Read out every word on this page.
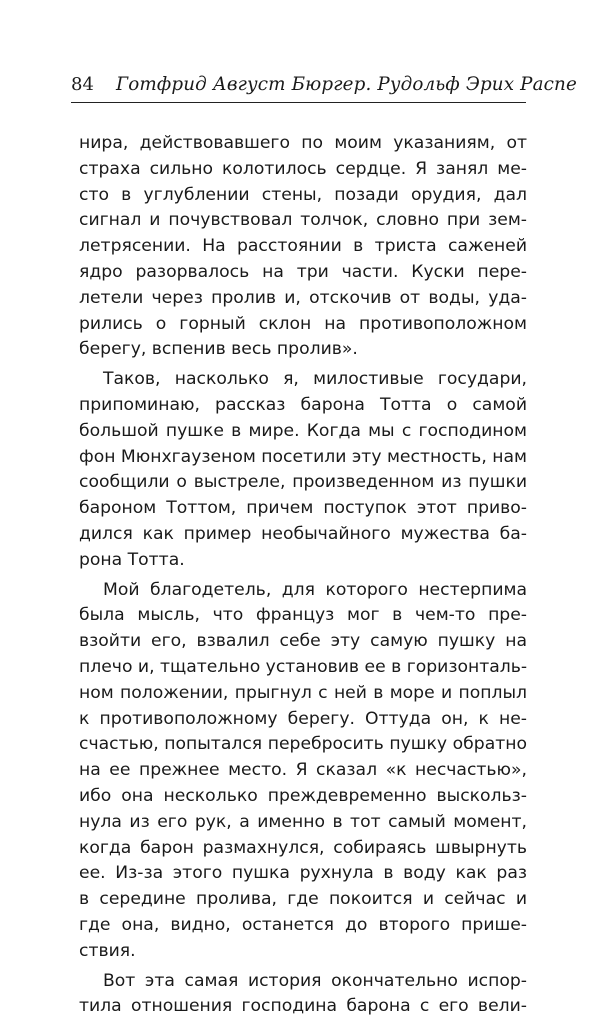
84 Готфрид Август Бюргер. Рудольф Эрих Распе
нира, действовавшего по моим указаниям, от
страха сильно колотилось сердце. Я занял ме-
сто в углублении стены, позади орудия, дал
сигнал и почувствовал толчок, словно при зем-
летрясении. На расстоянии в триста саженей
ядро разорвалось на три части. Куски пере-
летели через пролив и, отскочив от воды, уда-
рились о горный склон на противоположном
берегу, вспенив весь пролив».
Таков, насколько я, милостивые государи,
припоминаю, рассказ барона Тотта о самой
большой пушке в мире. Когда мы с господином
фон Мюнхгаузеном посетили эту местность, нам
сообщили о выстреле, произведенном из пушки
бароном Тоттом, причем поступок этот приво-
дился как пример необычайного мужества ба-
рона Тотта.
Мой благодетель, для которого нестерпима
была мысль, что француз мог в чем-то пре-
взойти его, взвалил себе эту самую пушку на
плечо и, тщательно установив ее в горизонталь-
ном положении, прыгнул с ней в море и поплыл
к противоположному берегу. Оттуда он, к не-
счастью, попытался перебросить пушку обратно
на ее прежнее место. Я сказал «к несчастью»,
ибо она несколько преждевременно выскольз-
нула из его рук, а именно в тот самый момент,
когда барон размахнулся, собираясь швырнуть
ее. Из-за этого пушка рухнула в воду как раз
в середине пролива, где покоится и сейчас и
где она, видно, останется до второго прише-
ствия.
Вот эта самая история окончательно испор-
тила отношения господина барона с его вели-
